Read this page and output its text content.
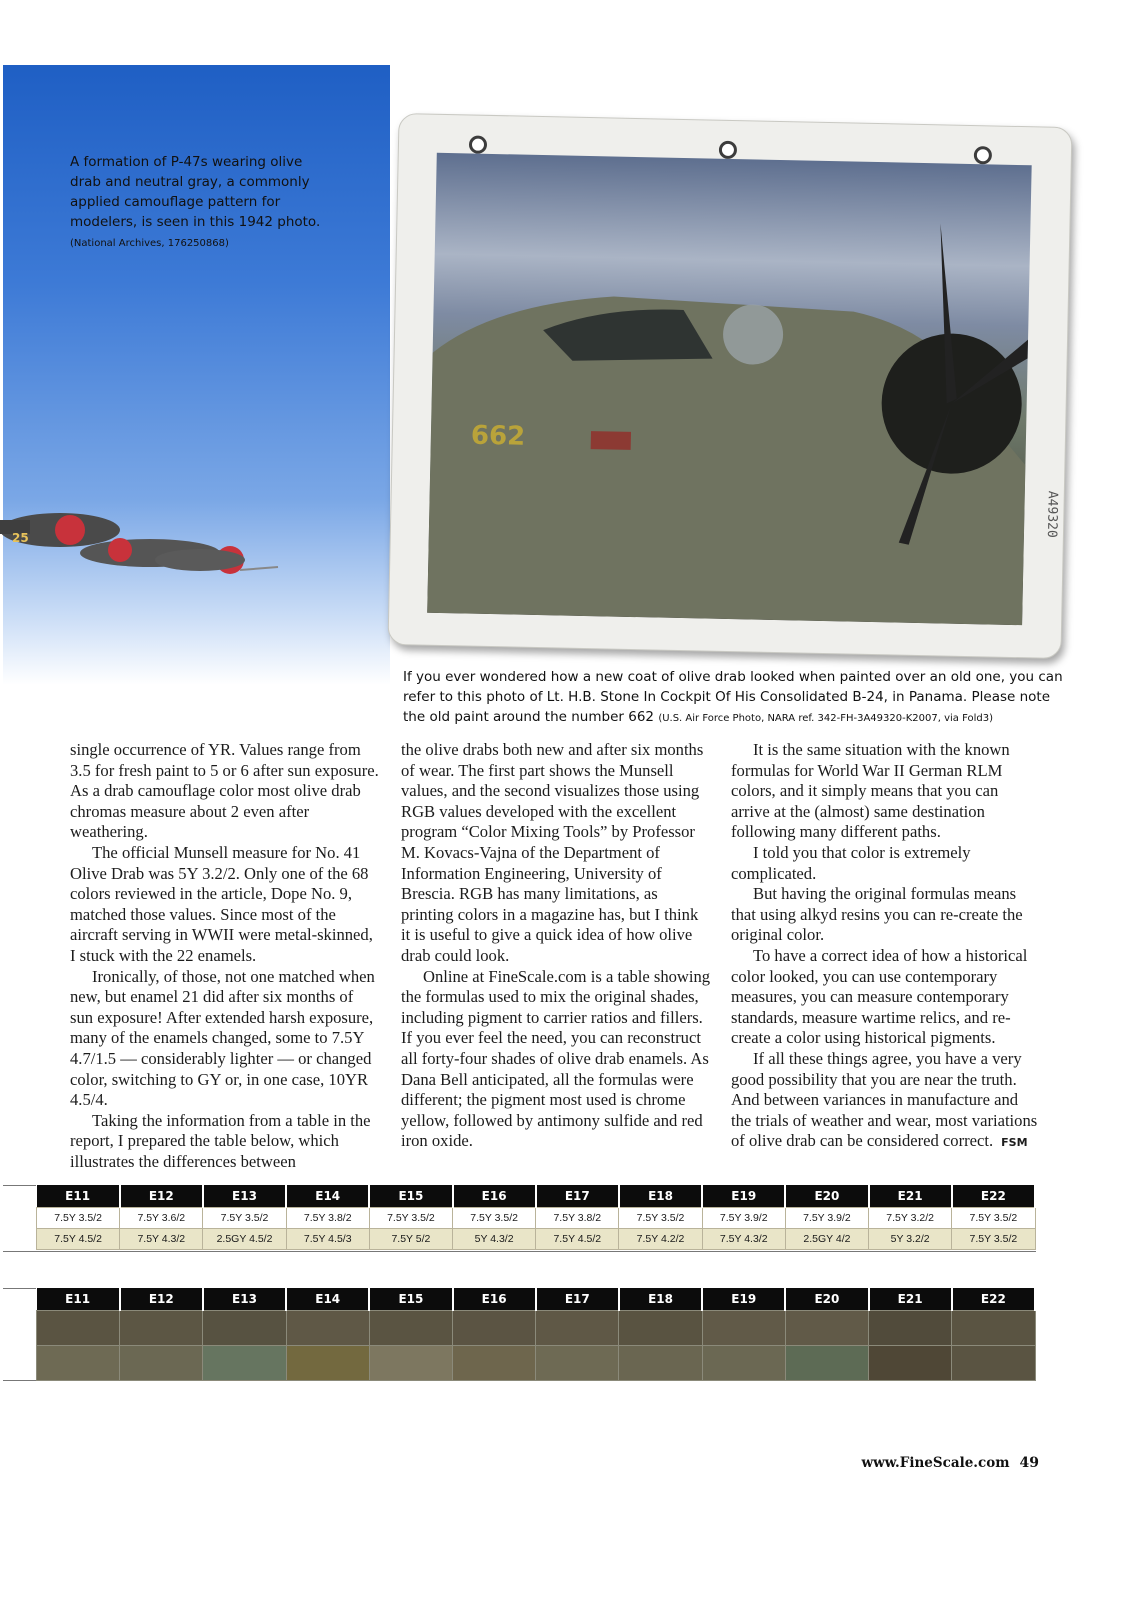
25
A formation of P-47s wearing olive drab and neutral gray, a commonly applied camouflage pattern for modelers, is seen in this 1942 photo.
(National Archives, 176250868)
662
A49320
If you ever wondered how a new coat of olive drab looked when painted over an old one, you can refer to this photo of Lt. H.B. Stone In Cockpit Of His Consolidated B-24, in Panama. Please note the old paint around the number 662 (U.S. Air Force Photo, NARA ref. 342-FH-3A49320-K2007, via Fold3)

single occurrence of YR. Values range from 3.5 for fresh paint to 5 or 6 after sun exposure. As a drab camouflage color most olive drab chromas measure about 2 even after weathering.

The official Munsell measure for No. 41 Olive Drab was 5Y 3.2/2. Only one of the 68 colors reviewed in the article, Dope No. 9, matched those values. Since most of the aircraft serving in WWII were metal-skinned, I stuck with the 22 enamels.

Ironically, of those, not one matched when new, but enamel 21 did after six months of sun exposure! After extended harsh exposure, many of the enamels changed, some to 7.5Y 4.7/1.5 — considerably lighter — or changed color, switching to GY or, in one case, 10YR 4.5/4.

Taking the information from a table in the report, I prepared the table below, which illustrates the differences between

the olive drabs both new and after six months of wear. The first part shows the Munsell values, and the second visualizes those using RGB values developed with the excellent program “Color Mixing Tools” by Professor M. Kovacs-Vajna of the Department of Information Engineering, University of Brescia. RGB has many limitations, as printing colors in a magazine has, but I think it is useful to give a quick idea of how olive drab could look.

Online at FineScale.com is a table showing the formulas used to mix the original shades, including pigment to carrier ratios and fillers. If you ever feel the need, you can reconstruct all forty-four shades of olive drab enamels. As Dana Bell anticipated, all the formulas were different; the pigment most used is chrome yellow, followed by antimony sulfide and red iron oxide.

It is the same situation with the known formulas for World War II German RLM colors, and it simply means that you can arrive at the (almost) same destination following many different paths.

I told you that color is extremely complicated.

But having the original formulas means that using alkyd resins you can re-create the original color.

To have a correct idea of how a historical color looked, you can use contemporary measures, you can measure contemporary standards, measure wartime relics, and re-create a color using historical pigments.

If all these things agree, you have a very good possibility that you are near the truth. And between variances in manufacture and the trials of weather and wear, most variations of olive drab can be considered correct. FSM

E11	E12	E13	E14	E15	E16	E17	E18	E19	E20	E21	E22
7.5Y 3.5/2	7.5Y 3.6/2	7.5Y 3.5/2	7.5Y 3.8/2	7.5Y 3.5/2	7.5Y 3.5/2	7.5Y 3.8/2	7.5Y 3.5/2	7.5Y 3.9/2	7.5Y 3.9/2	7.5Y 3.2/2	7.5Y 3.5/2
7.5Y 4.5/2	7.5Y 4.3/2	2.5GY 4.5/2	7.5Y 4.5/3	7.5Y 5/2	5Y 4.3/2	7.5Y 4.5/2	7.5Y 4.2/2	7.5Y 4.3/2	2.5GY 4/2	5Y 3.2/2	7.5Y 3.5/2
E11	E12	E13	E14	E15	E16	E17	E18	E19	E20	E21	E22

www.FineScale.com 49
